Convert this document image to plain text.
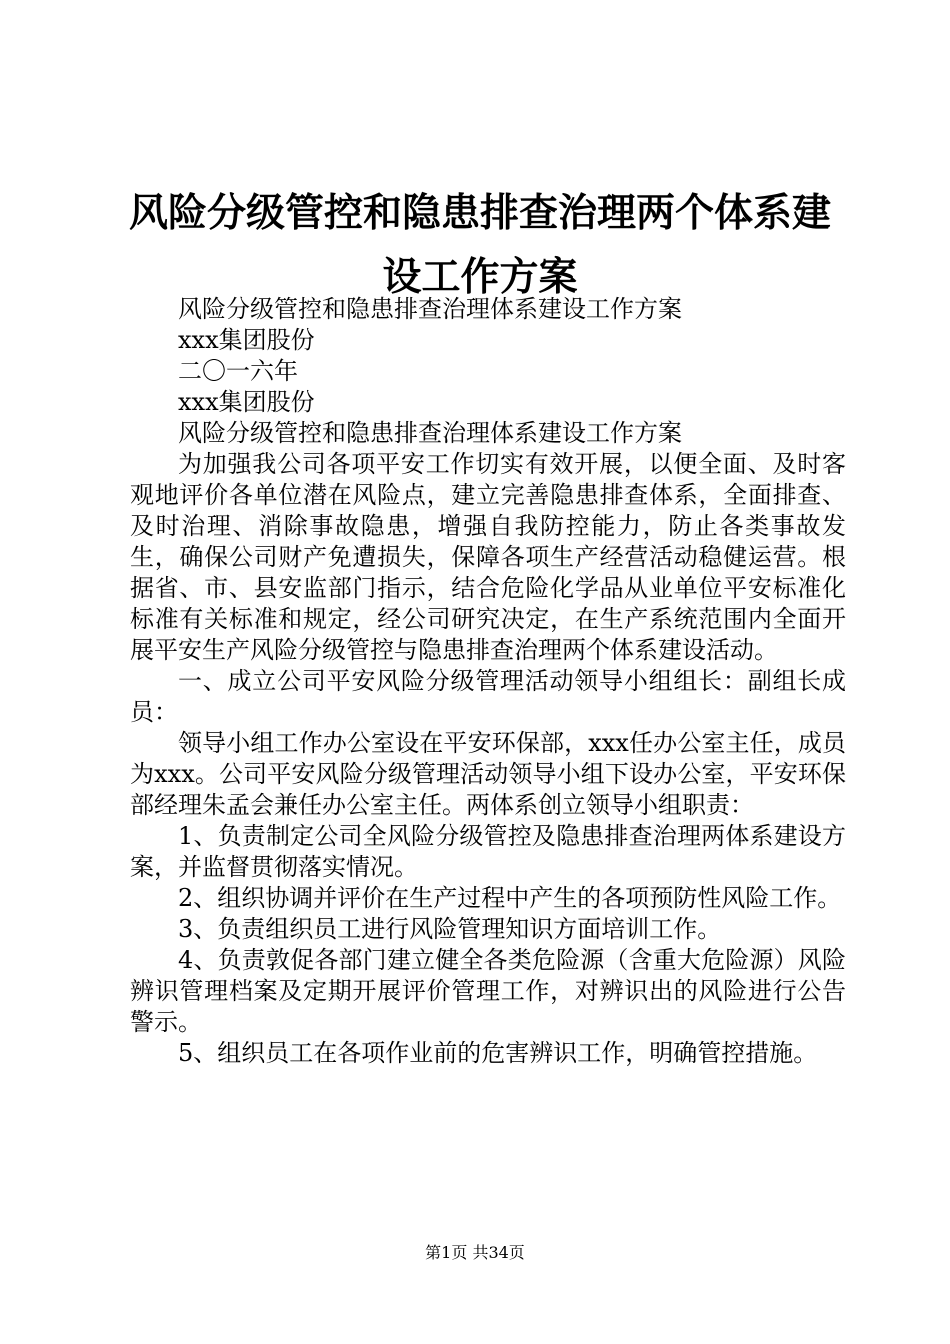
风险分级管控和隐患排查治理两个体系建设工作方案

风险分级管控和隐患排查治理体系建设工作方案

xxx集团股份

二〇一六年

xxx集团股份

风险分级管控和隐患排查治理体系建设工作方案

为加强我公司各项平安工作切实有效开展，以便全面、及时客观地评价各单位潜在风险点，建立完善隐患排查体系，全面排查、及时治理、消除事故隐患，增强自我防控能力，防止各类事故发生，确保公司财产免遭损失，保障各项生产经营活动稳健运营。根据省、市、县安监部门指示，结合危险化学品从业单位平安标准化标准有关标准和规定，经公司研究决定，在生产系统范围内全面开展平安生产风险分级管控与隐患排查治理两个体系建设活动。

一、成立公司平安风险分级管理活动领导小组组长：副组长成员：

领导小组工作办公室设在平安环保部，xxx任办公室主任，成员为xxx。公司平安风险分级管理活动领导小组下设办公室，平安环保部经理朱孟会兼任办公室主任。两体系创立领导小组职责：

1、负责制定公司全风险分级管控及隐患排查治理两体系建设方案，并监督贯彻落实情况。

2、组织协调并评价在生产过程中产生的各项预防性风险工作。

3、负责组织员工进行风险管理知识方面培训工作。

4、负责敦促各部门建立健全各类危险源（含重大危险源）风险辨识管理档案及定期开展评价管理工作，对辨识出的风险进行公告警示。

5、组织员工在各项作业前的危害辨识工作，明确管控措施。

第1页 共34页
